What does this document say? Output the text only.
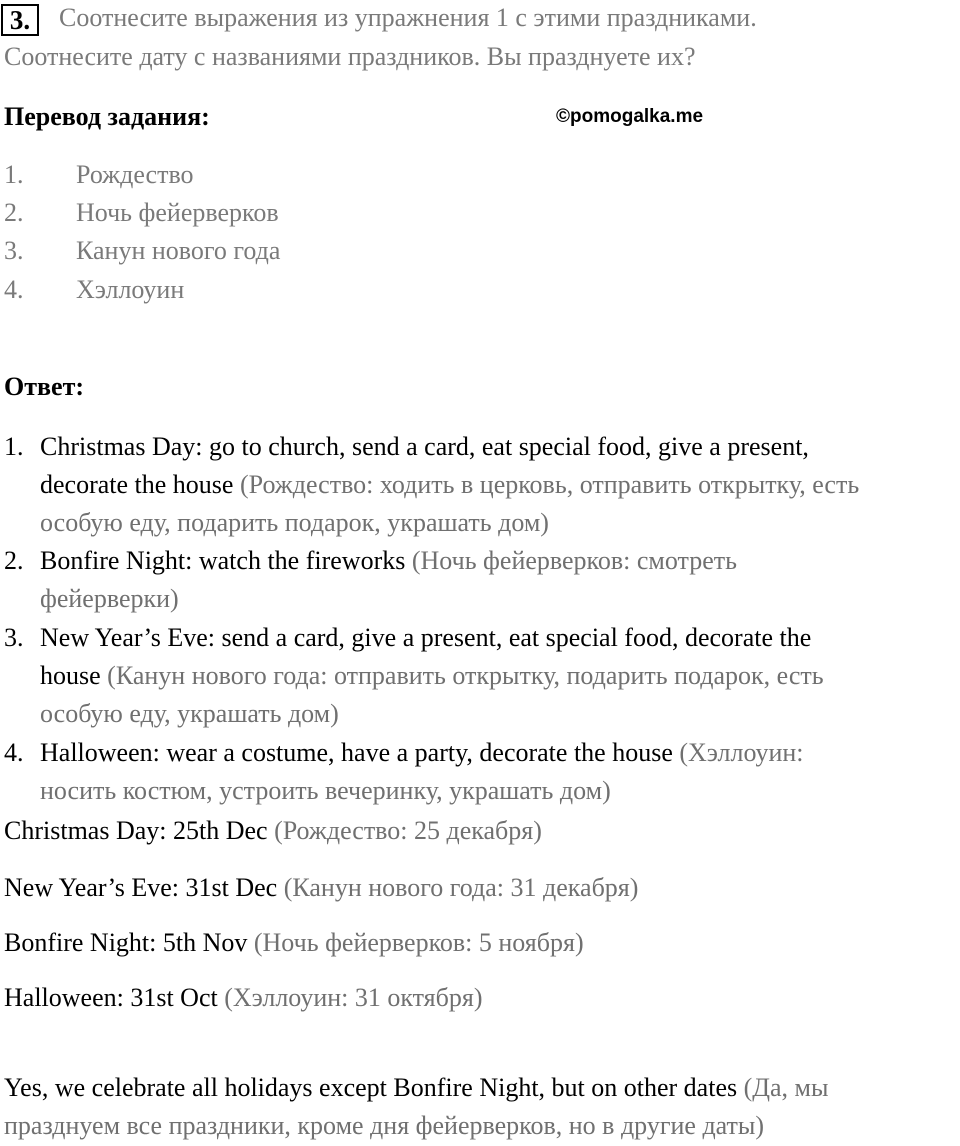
3.	Соотнесите выражения из упражнения 1 с этими праздниками.
Соотнесите дату с названиями праздников. Вы празднуете их?
Перевод задания:	©pomogalka.me
1. Рождество
2. Ночь фейерверков
3. Канун нового года
4. Хэллоуин
Ответ:
1. Christmas Day: go to church, send a card, eat special food, give a present,
decorate the house (Рождество: ходить в церковь, отправить открытку, есть
особую еду, подарить подарок, украшать дом)
2. Bonfire Night: watch the fireworks (Ночь фейерверков: смотреть
фейерверки)
3. New Year’s Eve: send a card, give a present, eat special food, decorate the
house (Канун нового года: отправить открытку, подарить подарок, есть
особую еду, украшать дом)
4. Halloween: wear a costume, have a party, decorate the house (Хэллоуин:
носить костюм, устроить вечеринку, украшать дом)
Christmas Day: 25th Dec (Рождество: 25 декабря)
New Year’s Eve: 31st Dec (Канун нового года: 31 декабря)
Bonfire Night: 5th Nov (Ночь фейерверков: 5 ноября)
Halloween: 31st Oct (Хэллоуин: 31 октября)
Yes, we celebrate all holidays except Bonfire Night, but on other dates (Да, мы
празднуем все праздники, кроме дня фейерверков, но в другие даты)
